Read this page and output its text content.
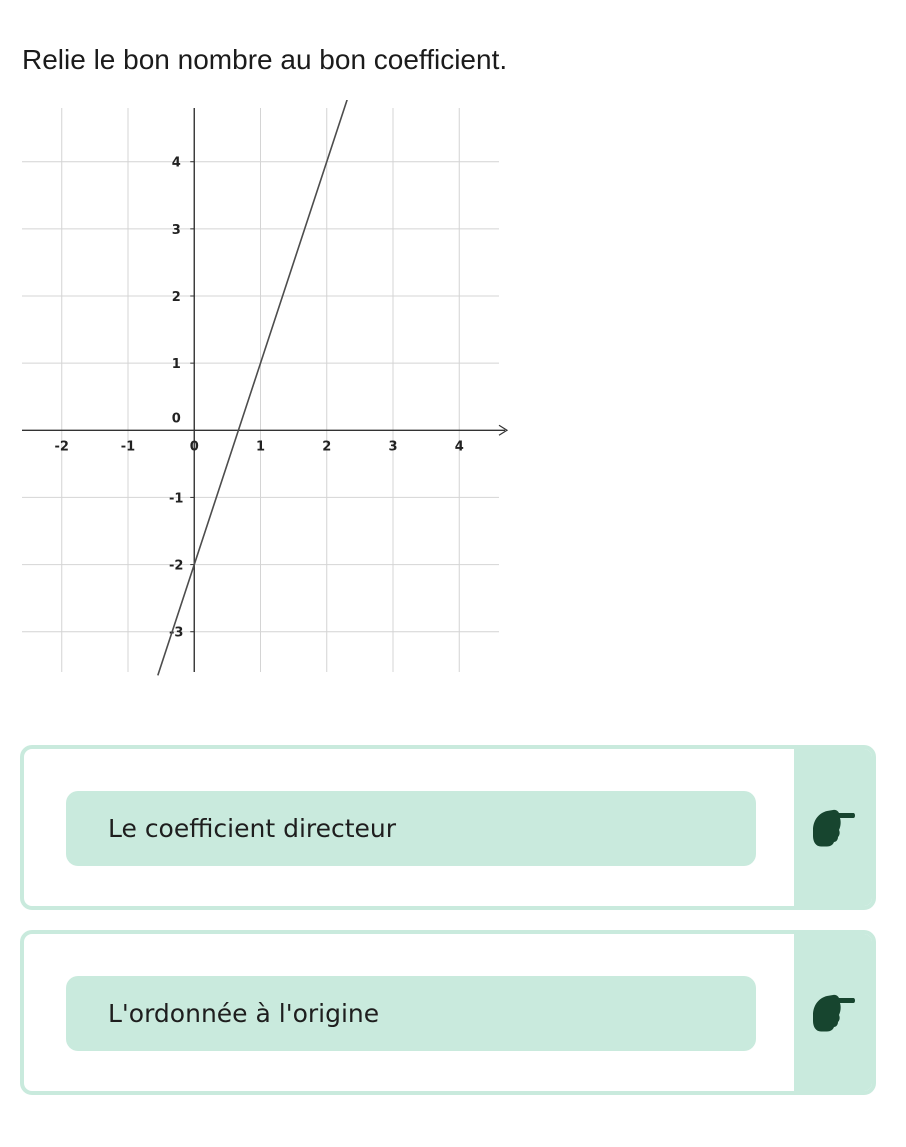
Relie le bon nombre au bon coefficient.
-2	-1	0	1	2	3	4
-3
-2
-1
0
1
2
3
4
Le coefficient directeur
L'ordonnée à l'origine
